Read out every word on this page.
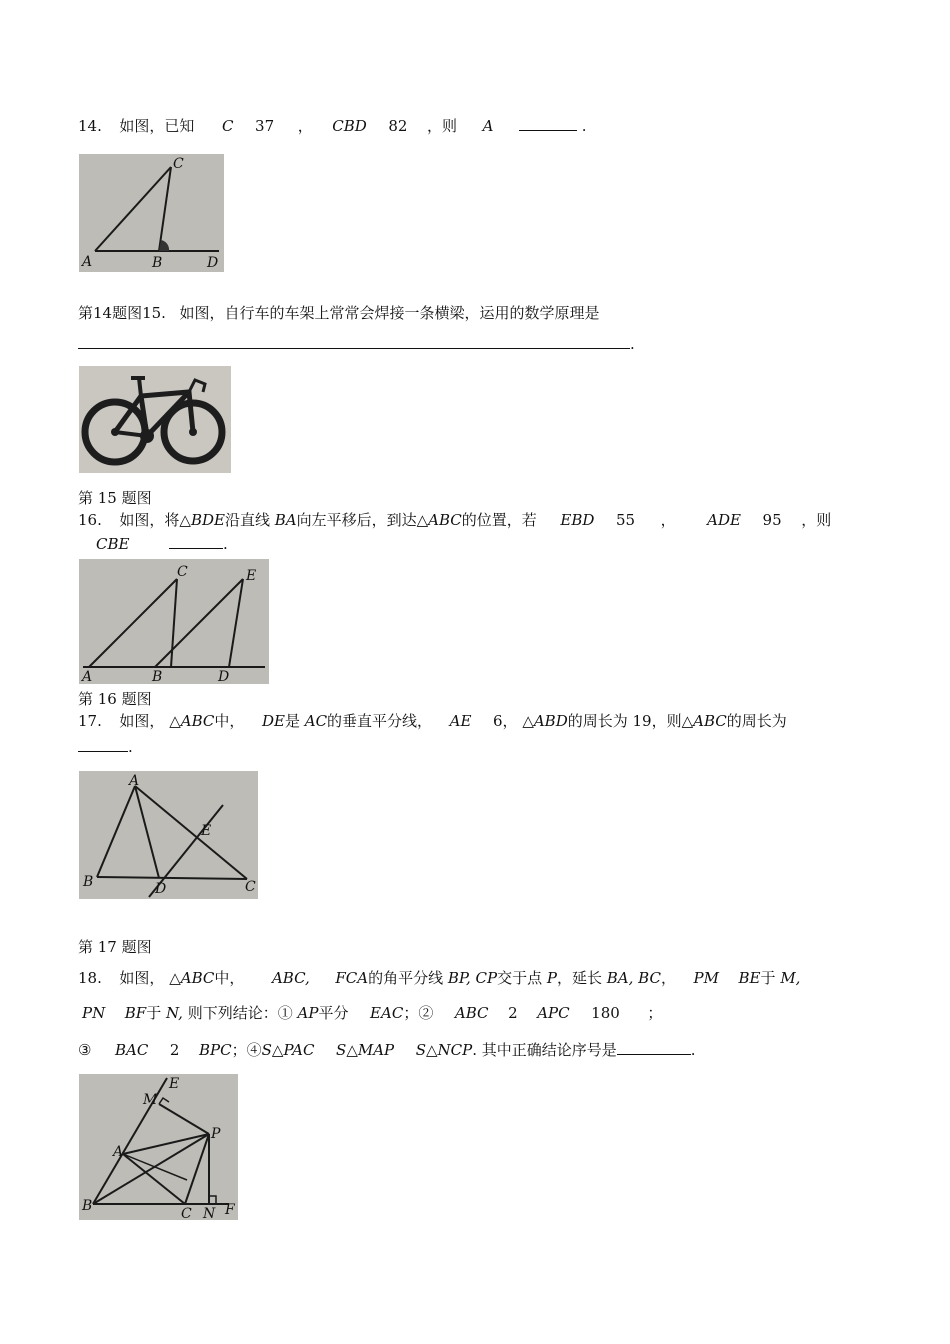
14. 如图，已知 C 37 ， CBD 82 ，则 A	.
C
A	B	D
第14题图15. 如图，自行车的车架上常常会焊接一条横梁，运用的数学原理是
.
第 15 题图
16. 如图，将△BDE沿直线 BA向左平移后，到达△ABC的位置，若 EBD 55 ， ADE 95 ，则
CBE	.
C	E
A	B	D
第 16 题图
17. 如图， △ABC中， DE是 AC的垂直平分线， AE 6， △ABD的周长为 19，则△ABC的周长为
.
A
B	C
D
E
第 17 题图
18. 如图， △ABC中， ABC, FCA的角平分线 BP, CP交于点 P，延长 BA, BC， PM BE于 M,
PN BF于 N, 则下列结论：① AP平分 EAC；② ABC 2 APC 180 ；
③ BAC 2 BPC；④S△PAC S△MAP S△NCP. 其中正确结论序号是	.
E
M
P
A
B	C N F
